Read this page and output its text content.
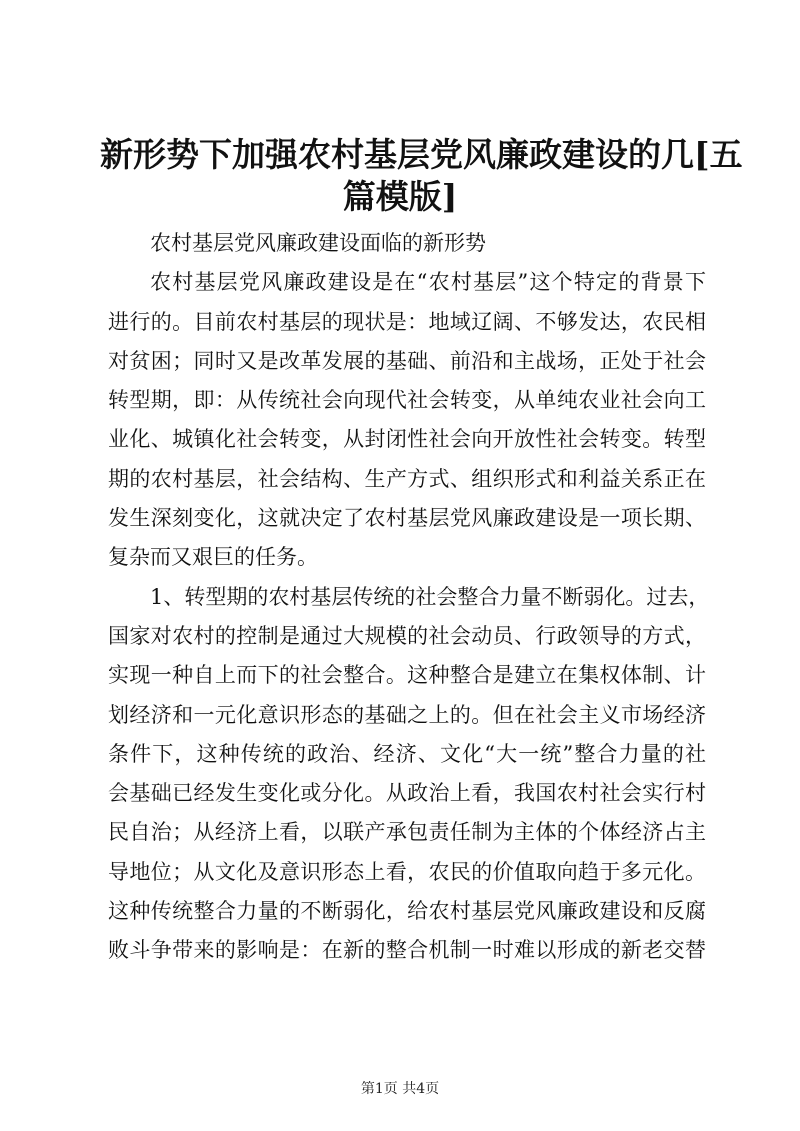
新形势下加强农村基层党风廉政建设的几[五
篇模版]
农村基层党风廉政建设面临的新形势
农村基层党风廉政建设是在“农村基层”这个特定的背景下
进行的。目前农村基层的现状是：地域辽阔、不够发达，农民相
对贫困；同时又是改革发展的基础、前沿和主战场，正处于社会
转型期，即：从传统社会向现代社会转变，从单纯农业社会向工
业化、城镇化社会转变，从封闭性社会向开放性社会转变。转型
期的农村基层，社会结构、生产方式、组织形式和利益关系正在
发生深刻变化，这就决定了农村基层党风廉政建设是一项长期、
复杂而又艰巨的任务。
1、转型期的农村基层传统的社会整合力量不断弱化。过去，
国家对农村的控制是通过大规模的社会动员、行政领导的方式，
实现一种自上而下的社会整合。这种整合是建立在集权体制、计
划经济和一元化意识形态的基础之上的。但在社会主义市场经济
条件下，这种传统的政治、经济、文化“大一统”整合力量的社
会基础已经发生变化或分化。从政治上看，我国农村社会实行村
民自治；从经济上看，以联产承包责任制为主体的个体经济占主
导地位；从文化及意识形态上看，农民的价值取向趋于多元化。
这种传统整合力量的不断弱化，给农村基层党风廉政建设和反腐
败斗争带来的影响是：在新的整合机制一时难以形成的新老交替
第1页 共4页
